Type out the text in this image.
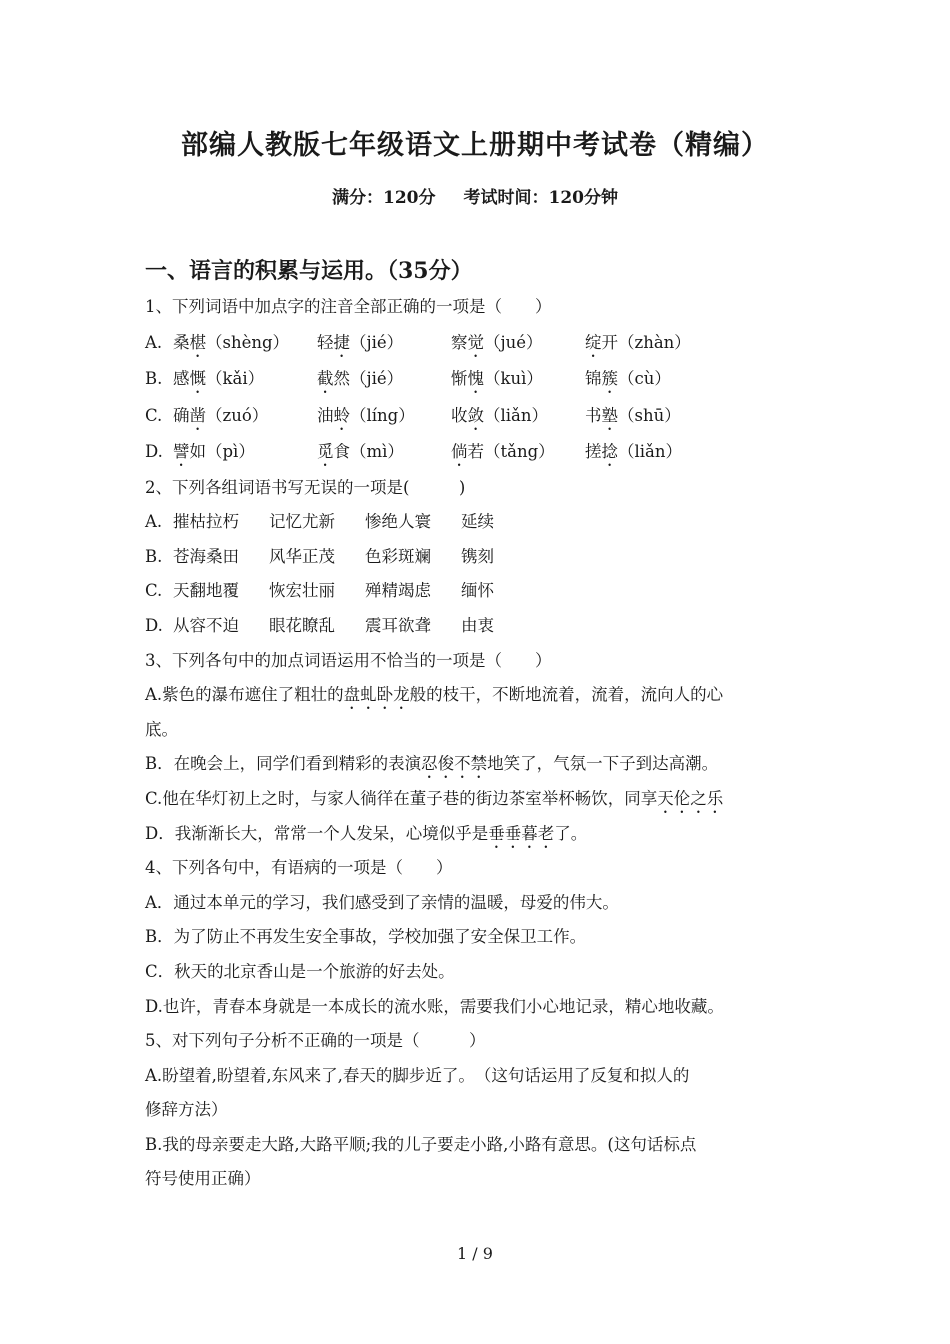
部编人教版七年级语文上册期中考试卷（精编）
满分：120分 考试时间：120分钟
一、语言的积累与运用。（35分）
1、下列词语中加点字的注音全部正确的一项是（　　）
A. 桑椹（shèng） 轻捷（jié）	察觉（jué）	绽开（zhàn）
B. 感慨（kǎi）	截然（jié）	惭愧（kuì）	锦簇（cù）
C. 确凿（zuó）	油蛉（líng） 收敛（liǎn） 书塾（shū）
D. 譬如（pì）	觅食（mì）	倘若（tǎng） 搓捻（liǎn）
2、下列各组词语书写无误的一项是(　　　)
A. 摧枯拉朽 记忆尤新 惨绝人寰 延续
B. 苍海桑田 风华正茂 色彩斑斓 镌刻
C. 天翻地覆 恢宏壮丽 殚精竭虑 缅怀
D. 从容不迫 眼花瞭乱 震耳欲聋 由衷
3、下列各句中的加点词语运用不恰当的一项是（　　）
A.紫色的瀑布遮住了粗壮的盘虬卧龙般的枝干，不断地流着，流着，流向人的心
底。
B．在晚会上，同学们看到精彩的表演忍俊不禁地笑了，气氛一下子到达高潮。
C.他在华灯初上之时，与家人徜徉在董子巷的街边茶室举杯畅饮，同享天伦之乐
D．我渐渐长大，常常一个人发呆，心境似乎是垂垂暮老了。
4、下列各句中，有语病的一项是（　　）
A．通过本单元的学习，我们感受到了亲情的温暖，母爱的伟大。
B．为了防止不再发生安全事故，学校加强了安全保卫工作。
C．秋天的北京香山是一个旅游的好去处。
D.也许，青春本身就是一本成长的流水账，需要我们小心地记录，精心地收藏。
5、对下列句子分析不正确的一项是（　　　）
A.盼望着,盼望着,东风来了,春天的脚步近了。　（这句话运用了反复和拟人的
修辞方法）
B.我的母亲要走大路,大路平顺;我的儿子要走小路,小路有意思。(这句话标点
符号使用正确）
1 / 9
